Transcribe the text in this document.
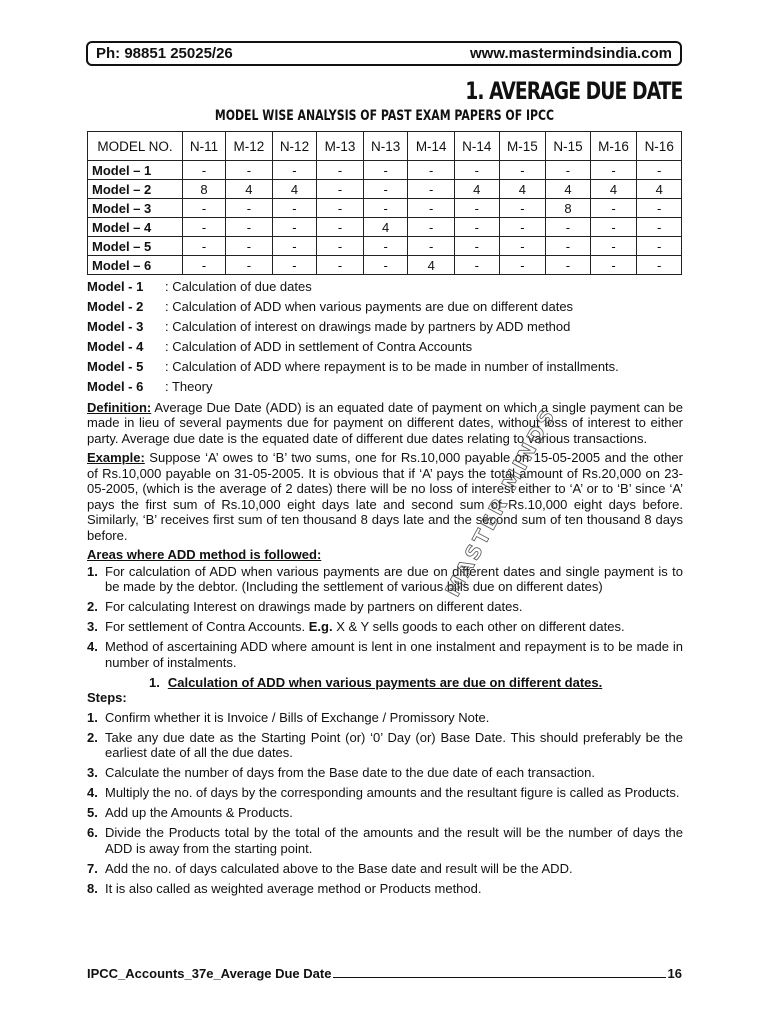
Ph: 98851 25025/26	www.mastermindsindia.com
1. AVERAGE DUE DATE
MODEL WISE ANALYSIS OF PAST EXAM PAPERS OF IPCC
MODEL NO.	N-11	M-12	N-12	M-13	N-13	M-14	N-14	M-15	N-15	M-16	N-16
Model – 1	-	-	-	-	-	-	-	-	-	-	-
Model – 2	8	4	4	-	-	-	4	4	4	4	4
Model – 3	-	-	-	-	-	-	-	-	8	-	-
Model – 4	-	-	-	-	4	-	-	-	-	-	-
Model – 5	-	-	-	-	-	-	-	-	-	-	-
Model – 6	-	-	-	-	-	4	-	-	-	-	-
Model - 1 : Calculation of due dates
Model - 2 : Calculation of ADD when various payments are due on different dates
Model - 3 : Calculation of interest on drawings made by partners by ADD method
Model - 4 : Calculation of ADD in settlement of Contra Accounts
Model - 5 : Calculation of ADD where repayment is to be made in number of installments.
Model - 6 : Theory

Definition: Average Due Date (ADD) is an equated date of payment on which a single payment can be made in lieu of several payments due for payment on different dates, without loss of interest to either party. Average due date is the equated date of different due dates relating to various transactions.

Example: Suppose ‘A’ owes to ‘B’ two sums, one for Rs.10,000 payable on 15-05-2005 and the other of Rs.10,000 payable on 31-05-2005. It is obvious that if ‘A’ pays the total amount of Rs.20,000 on 23-05-2005, (which is the average of 2 dates) there will be no loss of interest either to ‘A’ or to ‘B’ since ‘A’ pays the first sum of Rs.10,000 eight days late and second sum of Rs.10,000 eight days before. Similarly, ‘B’ receives first sum of ten thousand 8 days late and the second sum of ten thousand 8 days before.

Areas where ADD method is followed:
1. For calculation of ADD when various payments are due on different dates and single payment is to be made by the debtor. (Including the settlement of various bills due on different dates)
2. For calculating Interest on drawings made by partners on different dates.
3. For settlement of Contra Accounts. E.g. X & Y sells goods to each other on different dates.
4. Method of ascertaining ADD where amount is lent in one instalment and repayment is to be made in number of instalments.
1. Calculation of ADD when various payments are due on different dates.
Steps:
1. Confirm whether it is Invoice / Bills of Exchange / Promissory Note.
2. Take any due date as the Starting Point (or) ‘0’ Day (or) Base Date. This should preferably be the earliest date of all the due dates.
3. Calculate the number of days from the Base date to the due date of each transaction.
4. Multiply the no. of days by the corresponding amounts and the resultant figure is called as Products.
5. Add up the Amounts & Products.
6. Divide the Products total by the total of the amounts and the result will be the number of days the ADD is away from the starting point.
7. Add the no. of days calculated above to the Base date and result will be the ADD.
8. It is also called as weighted average method or Products method.
MASTER MINDS
IPCC_Accounts_37e_Average Due Date	16
